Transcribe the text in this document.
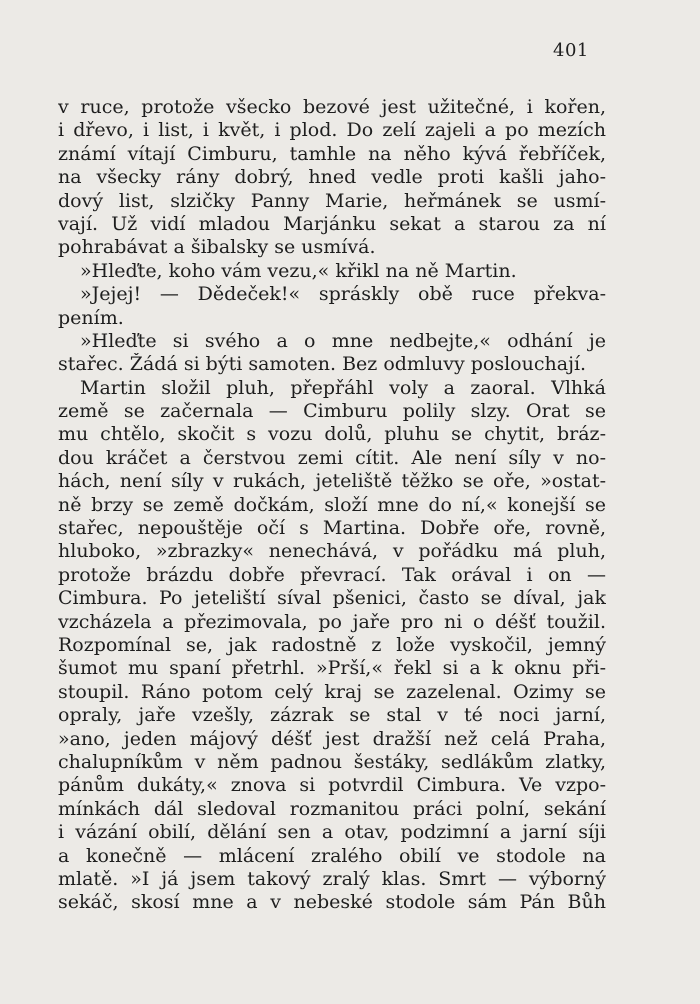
401
v ruce, protože všecko bezové jest užitečné, i kořen,
i dřevo, i list, i květ, i plod. Do zelí zajeli a po mezích
známí vítají Cimburu, tamhle na něho kývá řebříček,
na všecky rány dobrý, hned vedle proti kašli jaho-
dový list, slzičky Panny Marie, heřmánek se usmí-
vají. Už vidí mladou Marjánku sekat a starou za ní
pohrabávat a šibalsky se usmívá.
»Hleďte, koho vám vezu,« křikl na ně Martin.
»Jejej! — Dědeček!« spráskly obě ruce překva-
pením.
»Hleďte si svého a o mne nedbejte,« odhání je
stařec. Žádá si býti samoten. Bez odmluvy poslouchají.
Martin složil pluh, přepřáhl voly a zaoral. Vlhká
země se začernala — Cimburu polily slzy. Orat se
mu chtělo, skočit s vozu dolů, pluhu se chytit, bráz-
dou kráčet a čerstvou zemi cítit. Ale není síly v no-
hách, není síly v rukách, jeteliště těžko se oře, »ostat-
ně brzy se země dočkám, složí mne do ní,« konejší se
stařec, nepouštěje očí s Martina. Dobře oře, rovně,
hluboko, »zbrazky« nenechává, v pořádku má pluh,
protože brázdu dobře převrací. Tak orával i on —
Cimbura. Po jeteliští síval pšenici, často se díval, jak
vzcházela a přezimovala, po jaře pro ni o déšť toužil.
Rozpomínal se, jak radostně z lože vyskočil, jemný
šumot mu spaní přetrhl. »Prší,« řekl si a k oknu při-
stoupil. Ráno potom celý kraj se zazelenal. Ozimy se
opraly, jaře vzešly, zázrak se stal v té noci jarní,
»ano, jeden májový déšť jest dražší než celá Praha,
chalupníkům v něm padnou šestáky, sedlákům zlatky,
pánům dukáty,« znova si potvrdil Cimbura. Ve vzpo-
mínkách dál sledoval rozmanitou práci polní, sekání
i vázání obilí, dělání sen a otav, podzimní a jarní síji
a konečně — mlácení zralého obilí ve stodole na
mlatě. »I já jsem takový zralý klas. Smrt — výborný
sekáč, skosí mne a v nebeské stodole sám Pán Bůh
